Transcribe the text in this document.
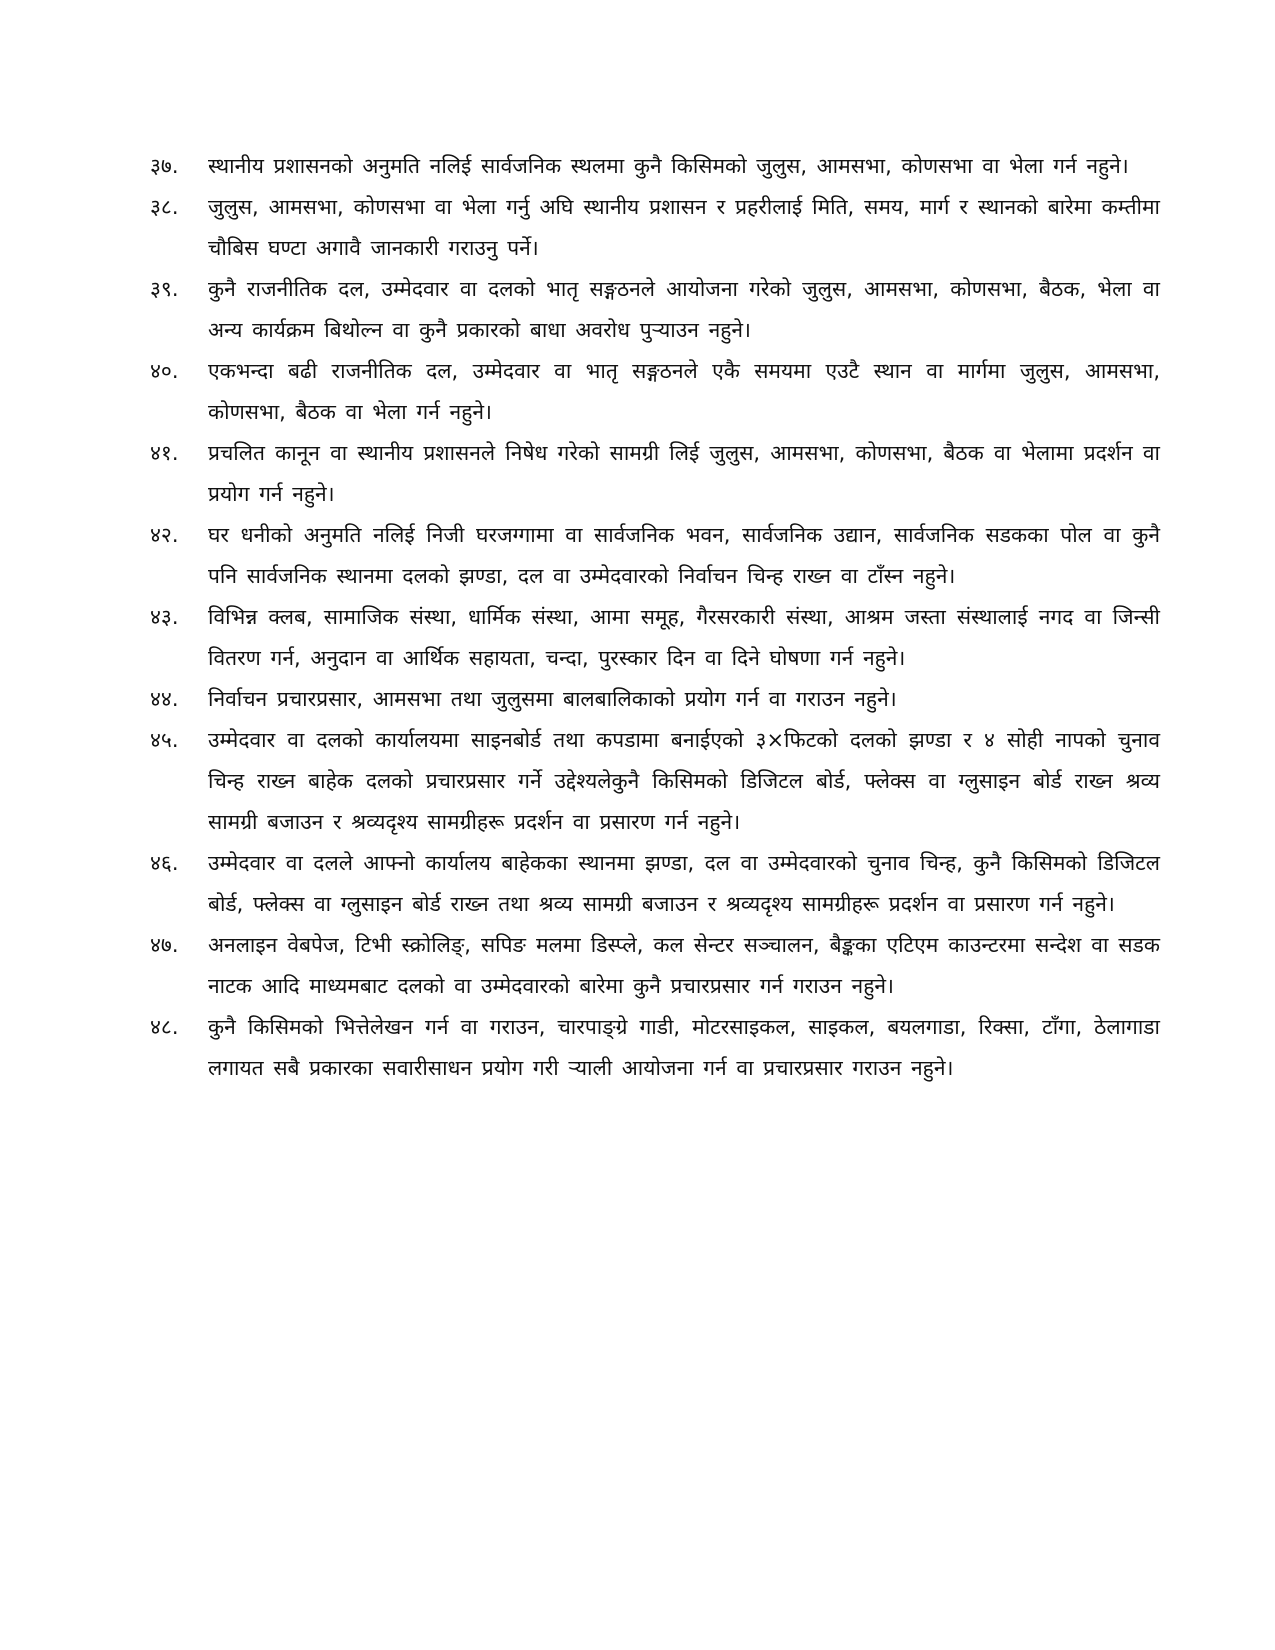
३७.	स्थानीय प्रशासनको अनुमति नलिई सार्वजनिक स्थलमा कुनै किसिमको जुलुस, आमसभा, कोणसभा वा भेला गर्न नहुने।
३८.	जुलुस, आमसभा, कोणसभा वा भेला गर्नु अघि स्थानीय प्रशासन र प्रहरीलाई मिति, समय, मार्ग र स्थानको बारेमा कम्तीमा चौबिस घण्टा अगावै जानकारी गराउनु पर्ने।
३९.	कुनै राजनीतिक दल, उम्मेदवार वा दलको भातृ सङ्गठनले आयोजना गरेको जुलुस, आमसभा, कोणसभा, बैठक, भेला वा अन्य कार्यक्रम बिथोल्न वा कुनै प्रकारको बाधा अवरोध पुऱ्याउन नहुने।
४०.	एकभन्दा बढी राजनीतिक दल, उम्मेदवार वा भातृ सङ्गठनले एकै समयमा एउटै स्थान वा मार्गमा जुलुस, आमसभा, कोणसभा, बैठक वा भेला गर्न नहुने।
४१.	प्रचलित कानून वा स्थानीय प्रशासनले निषेध गरेको सामग्री लिई जुलुस, आमसभा, कोणसभा, बैठक वा भेलामा प्रदर्शन वा प्रयोग गर्न नहुने।
४२.	घर धनीको अनुमति नलिई निजी घरजग्गामा वा सार्वजनिक भवन, सार्वजनिक उद्यान, सार्वजनिक सडकका पोल वा कुनै पनि सार्वजनिक स्थानमा दलको झण्डा, दल वा उम्मेदवारको निर्वाचन चिन्ह राख्न वा टाँस्न नहुने।
४३.	विभिन्न क्लब, सामाजिक संस्था, धार्मिक संस्था, आमा समूह, गैरसरकारी संस्था, आश्रम जस्ता संस्थालाई नगद वा जिन्सी वितरण गर्न, अनुदान वा आर्थिक सहायता, चन्दा, पुरस्कार दिन वा दिने घोषणा गर्न नहुने।
४४.	निर्वाचन प्रचारप्रसार, आमसभा तथा जुलुसमा बालबालिकाको प्रयोग गर्न वा गराउन नहुने।
४५.	उम्मेदवार वा दलको कार्यालयमा साइनबोर्ड तथा कपडामा बनाईएको ३×फिटको दलको झण्डा र ४ सोही नापको चुनाव चिन्ह राख्न बाहेक दलको प्रचारप्रसार गर्ने उद्देश्यलेकुनै किसिमको डिजिटल बोर्ड, फ्लेक्स वा ग्लुसाइन बोर्ड राख्न श्रव्य सामग्री बजाउन र श्रव्यदृश्य सामग्रीहरू प्रदर्शन वा प्रसारण गर्न नहुने।
४६.	उम्मेदवार वा दलले आफ्नो कार्यालय बाहेकका स्थानमा झण्डा, दल वा उम्मेदवारको चुनाव चिन्ह, कुनै किसिमको डिजिटल बोर्ड, फ्लेक्स वा ग्लुसाइन बोर्ड राख्न तथा श्रव्य सामग्री बजाउन र श्रव्यदृश्य सामग्रीहरू प्रदर्शन वा प्रसारण गर्न नहुने।
४७.	अनलाइन वेबपेज, टिभी स्क्रोलिङ्, सपिङ मलमा डिस्प्ले, कल सेन्टर सञ्चालन, बैङ्कका एटिएम काउन्टरमा सन्देश वा सडक नाटक आदि माध्यमबाट दलको वा उम्मेदवारको बारेमा कुनै प्रचारप्रसार गर्न गराउन नहुने।
४८.	कुनै किसिमको भित्तेलेखन गर्न वा गराउन, चारपाङ्ग्रे गाडी, मोटरसाइकल, साइकल, बयलगाडा, रिक्सा, टाँगा, ठेलागाडा लगायत सबै प्रकारका सवारीसाधन प्रयोग गरी र्‍याली आयोजना गर्न वा प्रचारप्रसार गराउन नहुने।
